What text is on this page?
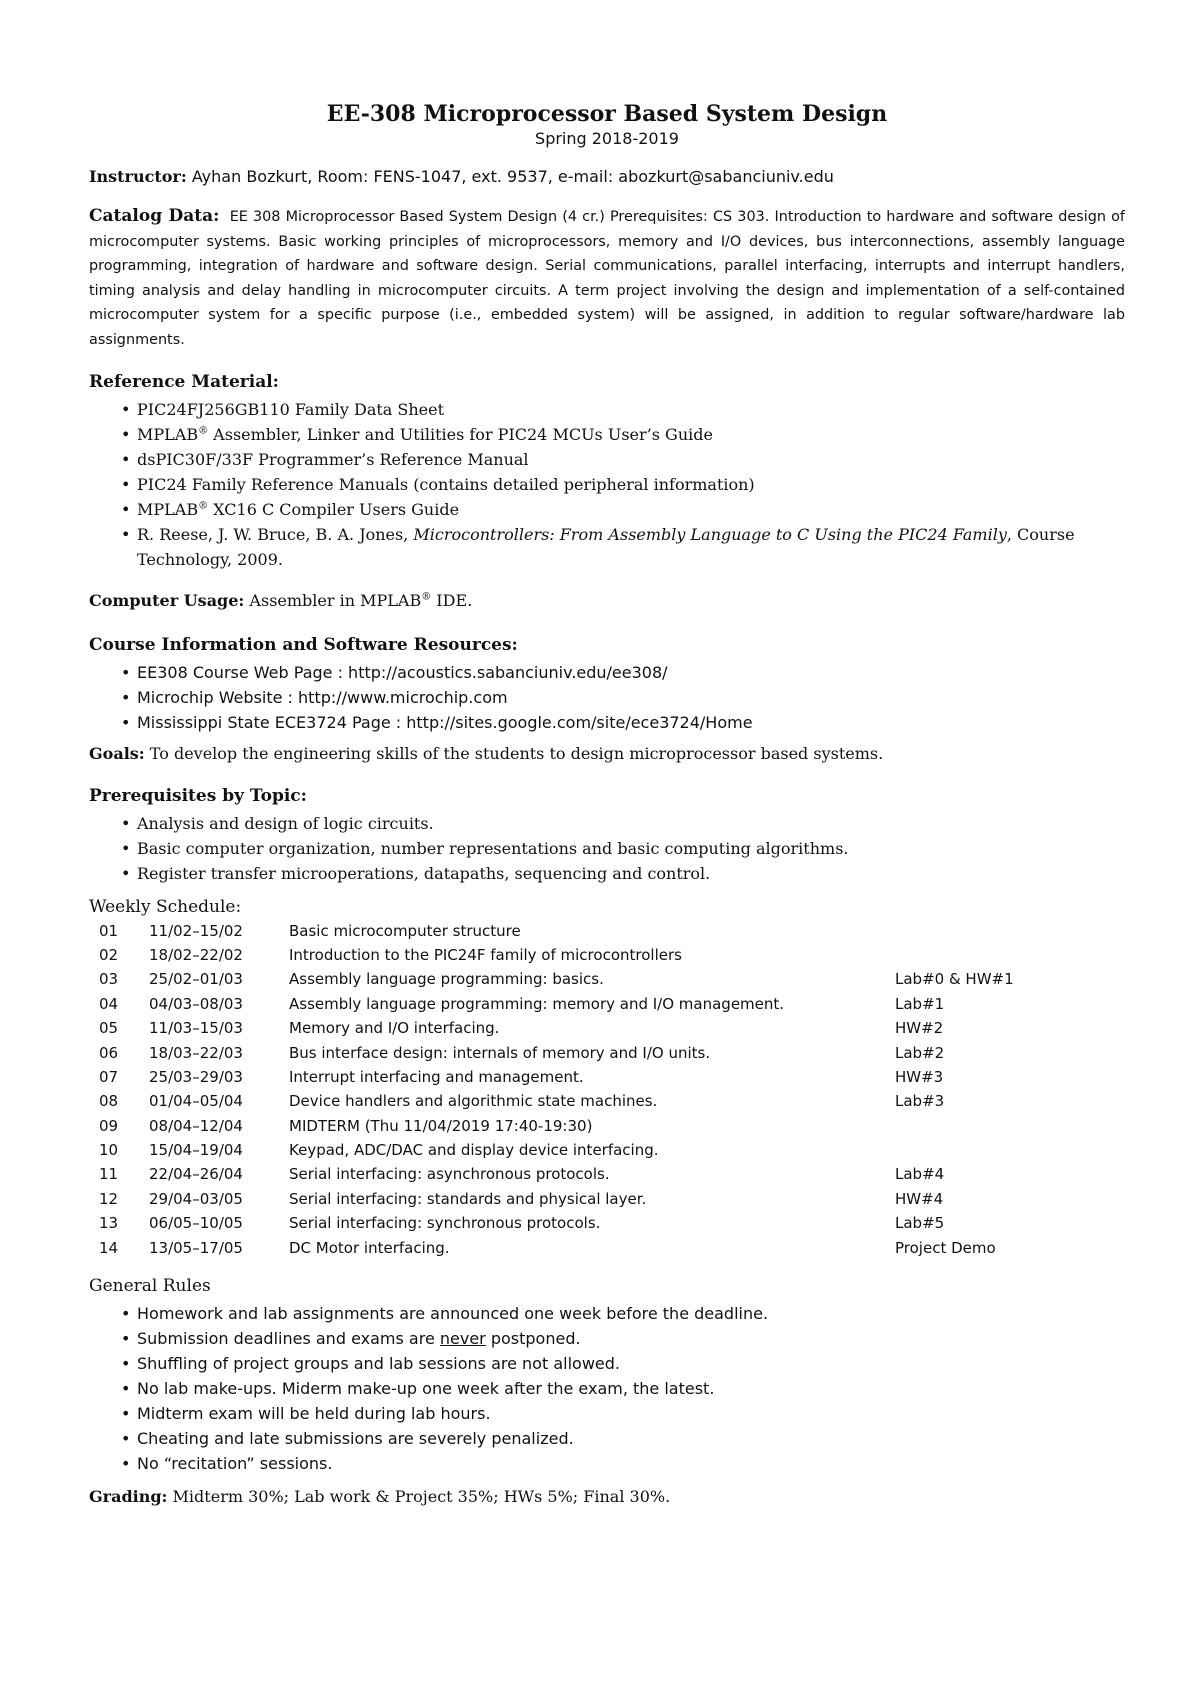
EE-308 Microprocessor Based System Design
Spring 2018-2019
Instructor: Ayhan Bozkurt, Room: FENS-1047, ext. 9537, e-mail: abozkurt@sabanciuniv.edu
Catalog Data: EE 308 Microprocessor Based System Design (4 cr.) Prerequisites: CS 303. Introduction to hardware and software design of microcomputer systems. Basic working principles of microprocessors, memory and I/O devices, bus interconnections, assembly language programming, integration of hardware and software design. Serial communications, parallel interfacing, interrupts and interrupt handlers, timing analysis and delay handling in microcomputer circuits. A term project involving the design and implementation of a self-contained microcomputer system for a specific purpose (i.e., embedded system) will be assigned, in addition to regular software/hardware lab assignments.
Reference Material:
• PIC24FJ256GB110 Family Data Sheet
• MPLAB® Assembler, Linker and Utilities for PIC24 MCUs User’s Guide
• dsPIC30F/33F Programmer’s Reference Manual
• PIC24 Family Reference Manuals (contains detailed peripheral information)
• MPLAB® XC16 C Compiler Users Guide
• R. Reese, J. W. Bruce, B. A. Jones, Microcontrollers: From Assembly Language to C Using the PIC24 Family, Course Technology, 2009.
Computer Usage: Assembler in MPLAB® IDE.
Course Information and Software Resources:
• EE308 Course Web Page : http://acoustics.sabanciuniv.edu/ee308/
• Microchip Website : http://www.microchip.com
• Mississippi State ECE3724 Page : http://sites.google.com/site/ece3724/Home
Goals: To develop the engineering skills of the students to design microprocessor based systems.
Prerequisites by Topic:
• Analysis and design of logic circuits.
• Basic computer organization, number representations and basic computing algorithms.
• Register transfer microoperations, datapaths, sequencing and control.
Weekly Schedule:
01	11/02–15/02	Basic microcomputer structure	
02	18/02–22/02	Introduction to the PIC24F family of microcontrollers	
03	25/02–01/03	Assembly language programming: basics.	Lab#0 & HW#1
04	04/03–08/03	Assembly language programming: memory and I/O management.	Lab#1
05	11/03–15/03	Memory and I/O interfacing.	HW#2
06	18/03–22/03	Bus interface design: internals of memory and I/O units.	Lab#2
07	25/03–29/03	Interrupt interfacing and management.	HW#3
08	01/04–05/04	Device handlers and algorithmic state machines.	Lab#3
09	08/04–12/04	MIDTERM (Thu 11/04/2019 17:40-19:30)	
10	15/04–19/04	Keypad, ADC/DAC and display device interfacing.	
11	22/04–26/04	Serial interfacing: asynchronous protocols.	Lab#4
12	29/04–03/05	Serial interfacing: standards and physical layer.	HW#4
13	06/05–10/05	Serial interfacing: synchronous protocols.	Lab#5
14	13/05–17/05	DC Motor interfacing.	Project Demo
General Rules
• Homework and lab assignments are announced one week before the deadline.
• Submission deadlines and exams are never postponed.
• Shuffling of project groups and lab sessions are not allowed.
• No lab make-ups. Miderm make-up one week after the exam, the latest.
• Midterm exam will be held during lab hours.
• Cheating and late submissions are severely penalized.
• No “recitation” sessions.
Grading: Midterm 30%; Lab work & Project 35%; HWs 5%; Final 30%.
